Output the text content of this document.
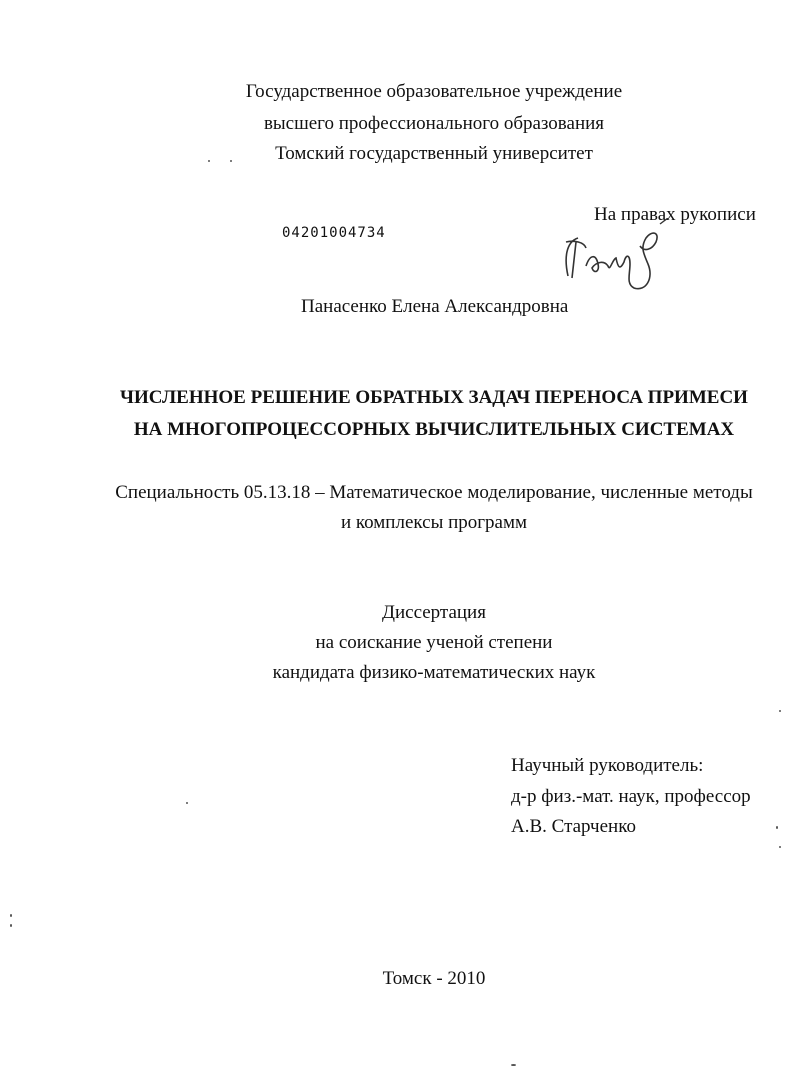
Государственное образовательное учреждение
высшего профессионального образования
Томский государственный университет
04201004734
На правах рукописи
Панасенко Елена Александровна
ЧИСЛЕННОЕ РЕШЕНИЕ ОБРАТНЫХ ЗАДАЧ ПЕРЕНОСА ПРИМЕСИ
НА МНОГОПРОЦЕССОРНЫХ ВЫЧИСЛИТЕЛЬНЫХ СИСТЕМАХ
Специальность 05.13.18 – Математическое моделирование, численные методы
и комплексы программ
Диссертация
на соискание ученой степени
кандидата физико-математических наук
Научный руководитель:
д-р физ.-мат. наук, профессор
А.В. Старченко
Томск - 2010
